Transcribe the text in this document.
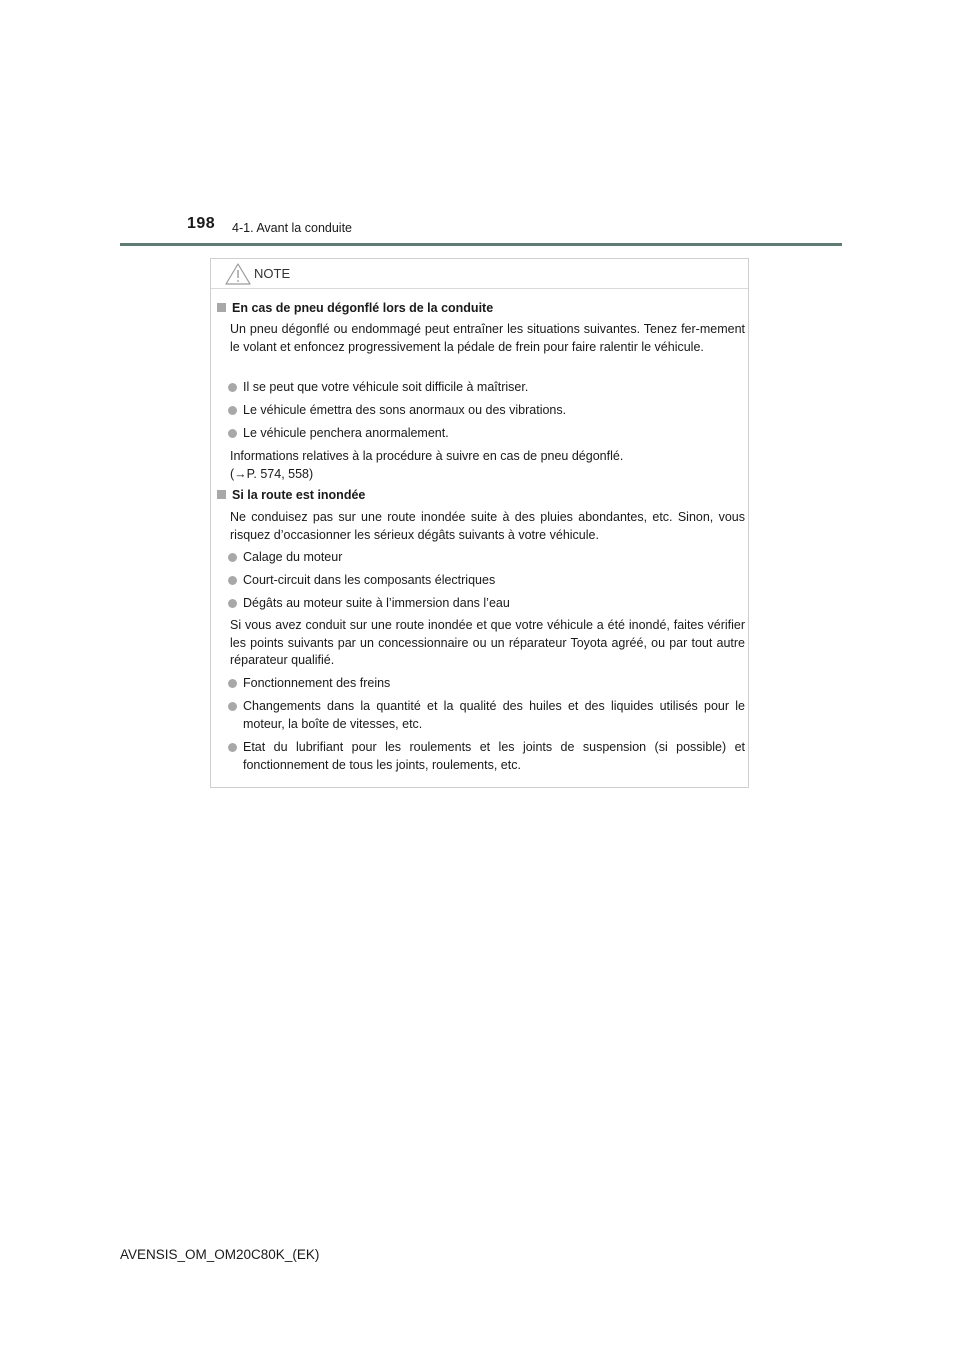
198 4-1. Avant la conduite
NOTE
En cas de pneu dégonflé lors de la conduite
Un pneu dégonflé ou endommagé peut entraîner les situations suivantes. Tenez fer-mement le volant et enfoncez progressivement la pédale de frein pour faire ralentir le véhicule.
Il se peut que votre véhicule soit difficile à maîtriser.
Le véhicule émettra des sons anormaux ou des vibrations.
Le véhicule penchera anormalement.
Informations relatives à la procédure à suivre en cas de pneu dégonflé.
(→P. 574, 558)
Si la route est inondée
Ne conduisez pas sur une route inondée suite à des pluies abondantes, etc. Sinon, vous risquez d’occasionner les sérieux dégâts suivants à votre véhicule.
Calage du moteur
Court-circuit dans les composants électriques
Dégâts au moteur suite à l’immersion dans l’eau
Si vous avez conduit sur une route inondée et que votre véhicule a été inondé, faites vérifier les points suivants par un concessionnaire ou un réparateur Toyota agréé, ou par tout autre réparateur qualifié.
Fonctionnement des freins
Changements dans la quantité et la qualité des huiles et des liquides utilisés pour le moteur, la boîte de vitesses, etc.
Etat du lubrifiant pour les roulements et les joints de suspension (si possible) et fonctionnement de tous les joints, roulements, etc.
AVENSIS_OM_OM20C80K_(EK)
